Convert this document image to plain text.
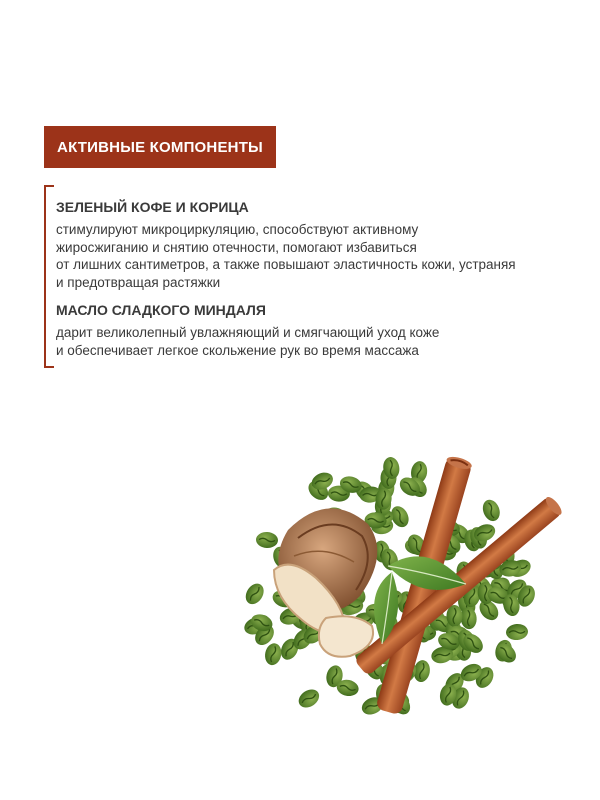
АКТИВНЫЕ КОМПОНЕНТЫ
ЗЕЛЕНЫЙ КОФЕ И КОРИЦА

стимулируют микроциркуляцию, способствуют активному
жиросжиганию и снятию отечности, помогают избавиться
от лишних сантиметров, а также повышают эластичность кожи, устраняя
и предотвращая растяжки

МАСЛО СЛАДКОГО МИНДАЛЯ

дарит великолепный увлажняющий и смягчающий уход коже
и обеспечивает легкое скольжение рук во время массажа
